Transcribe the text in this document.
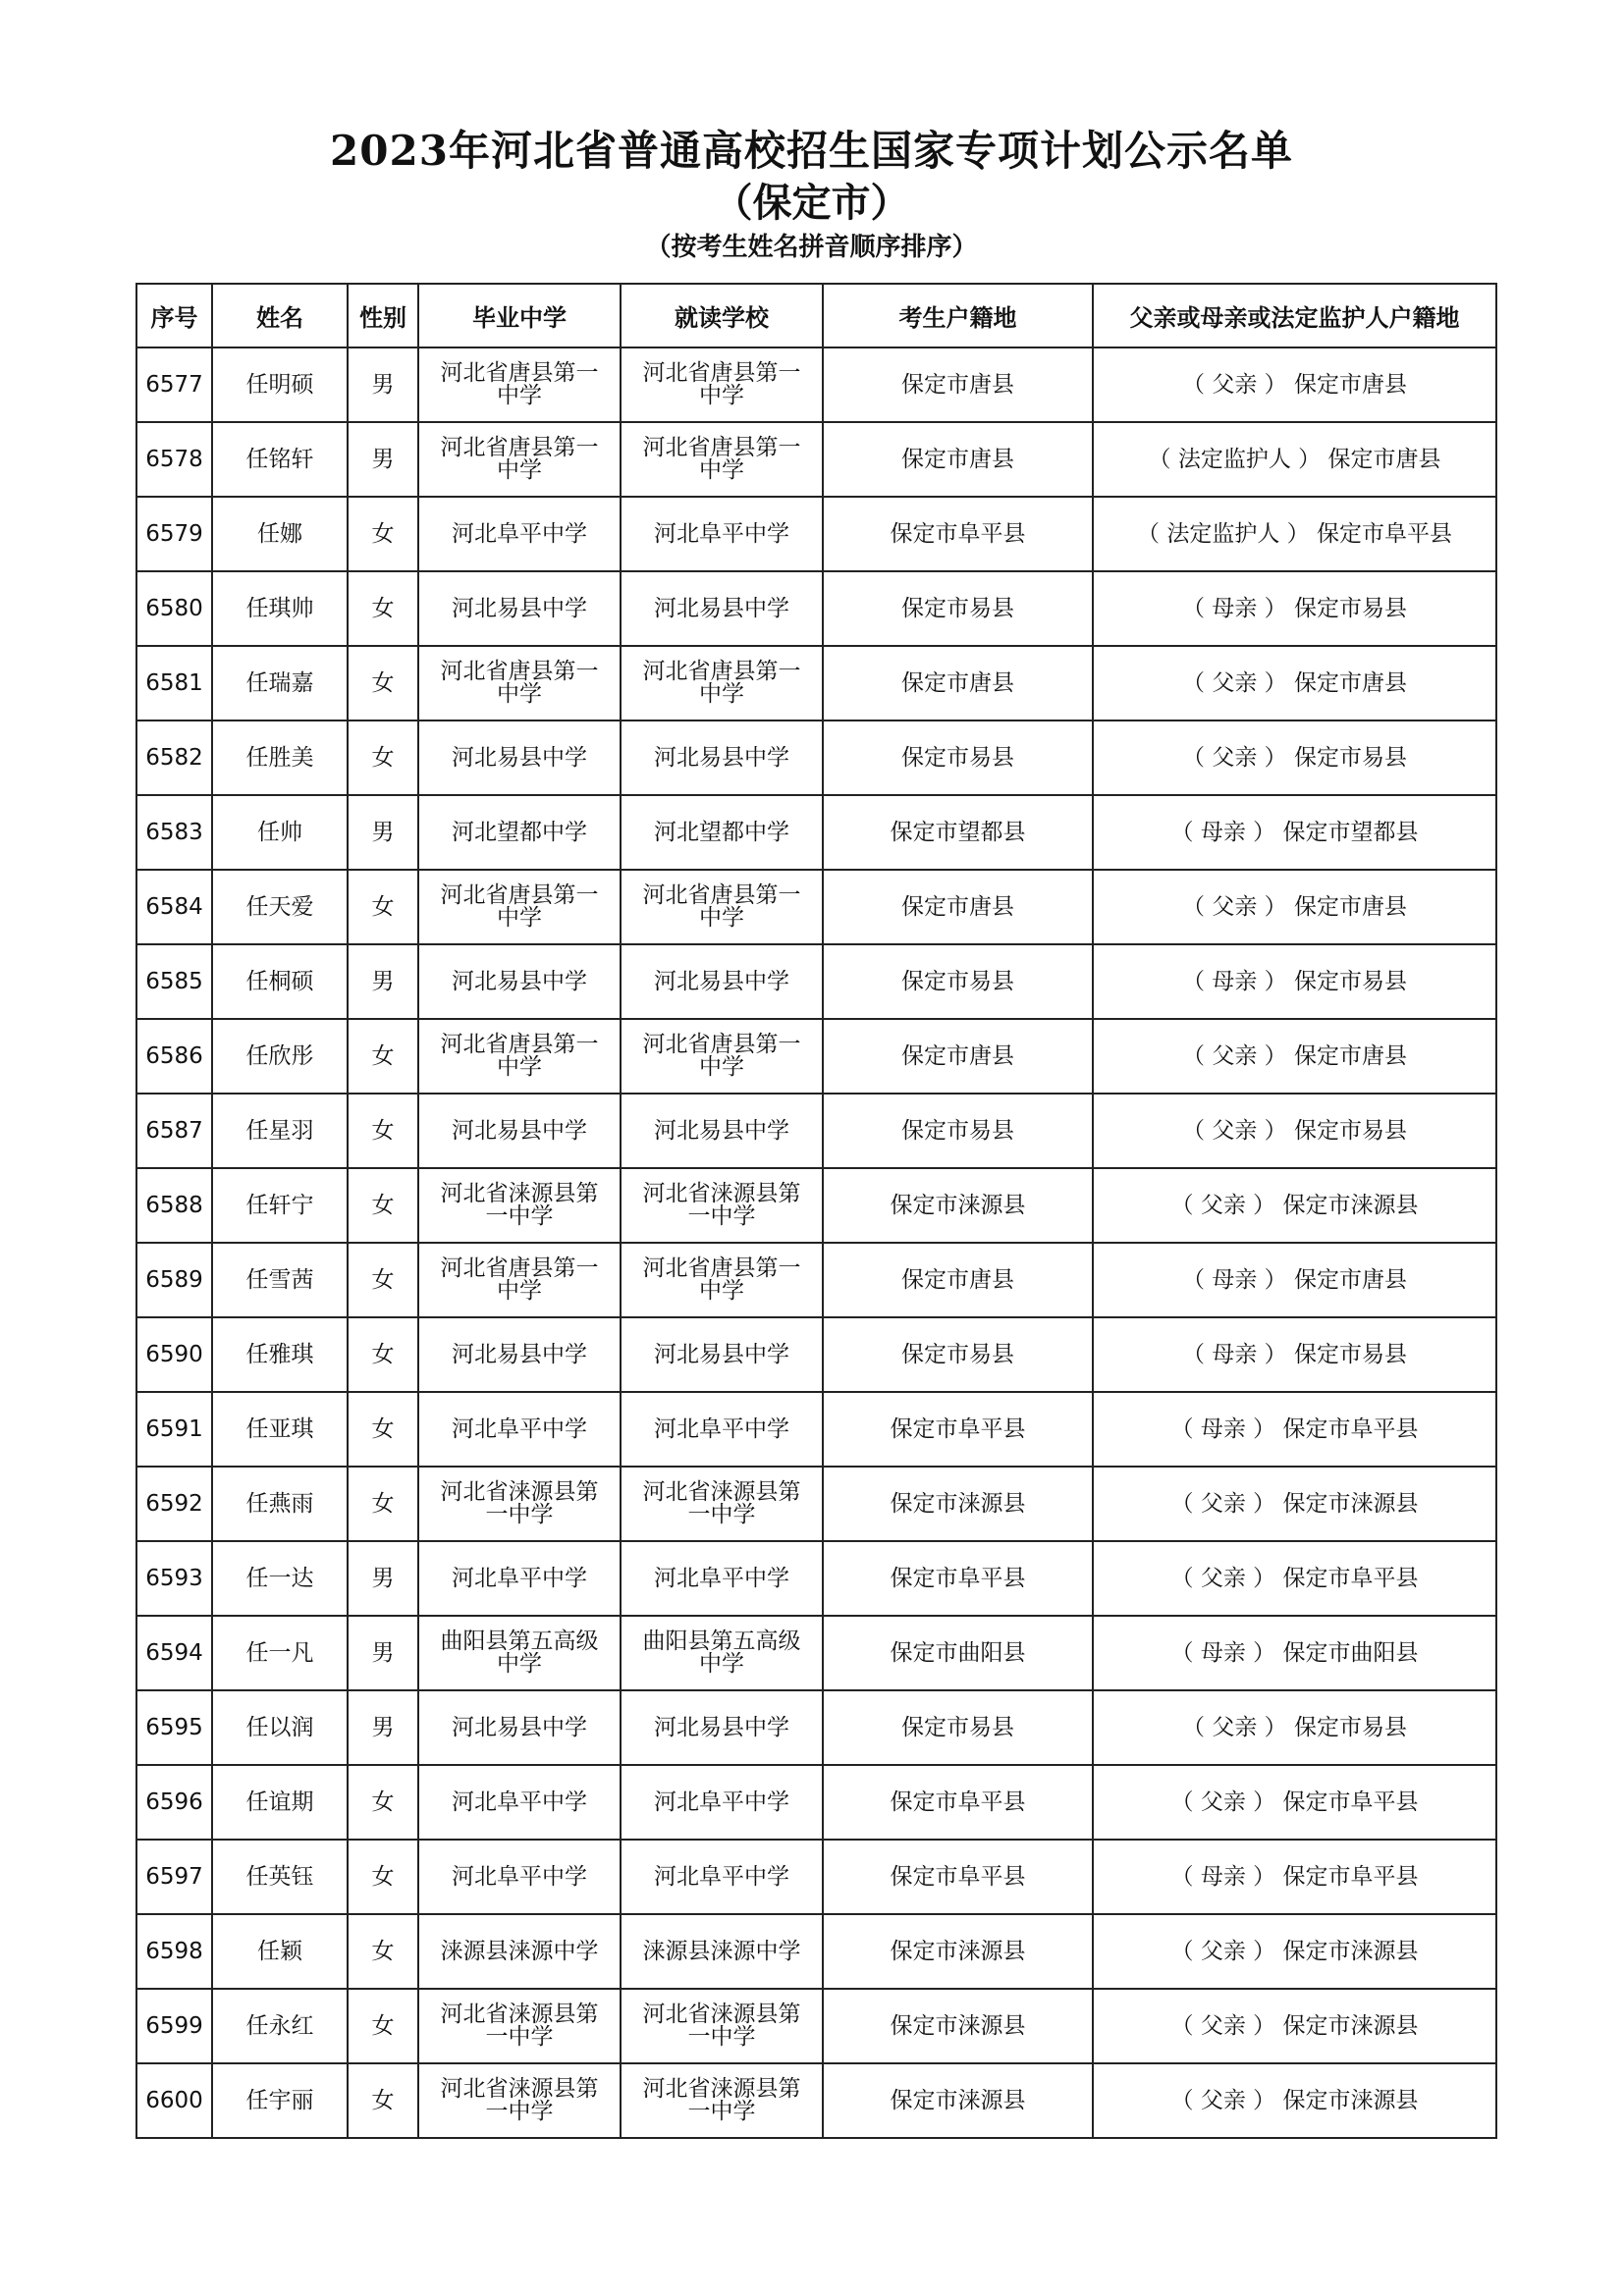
2023年河北省普通高校招生国家专项计划公示名单
（保定市）
（按考生姓名拼音顺序排序）
序号	姓名	性别	毕业中学	就读学校	考生户籍地	父亲或母亲或法定监护人户籍地
6577	任明硕	男	河北省唐县第一中学	河北省唐县第一中学	保定市唐县	（ 父亲 ） 保定市唐县
6578	任铭轩	男	河北省唐县第一中学	河北省唐县第一中学	保定市唐县	（ 法定监护人 ） 保定市唐县
6579	任娜	女	河北阜平中学	河北阜平中学	保定市阜平县	（ 法定监护人 ） 保定市阜平县
6580	任琪帅	女	河北易县中学	河北易县中学	保定市易县	（ 母亲 ） 保定市易县
6581	任瑞嘉	女	河北省唐县第一中学	河北省唐县第一中学	保定市唐县	（ 父亲 ） 保定市唐县
6582	任胜美	女	河北易县中学	河北易县中学	保定市易县	（ 父亲 ） 保定市易县
6583	任帅	男	河北望都中学	河北望都中学	保定市望都县	（ 母亲 ） 保定市望都县
6584	任天爱	女	河北省唐县第一中学	河北省唐县第一中学	保定市唐县	（ 父亲 ） 保定市唐县
6585	任桐硕	男	河北易县中学	河北易县中学	保定市易县	（ 母亲 ） 保定市易县
6586	任欣彤	女	河北省唐县第一中学	河北省唐县第一中学	保定市唐县	（ 父亲 ） 保定市唐县
6587	任星羽	女	河北易县中学	河北易县中学	保定市易县	（ 父亲 ） 保定市易县
6588	任轩宁	女	河北省涞源县第一中学	河北省涞源县第一中学	保定市涞源县	（ 父亲 ） 保定市涞源县
6589	任雪茜	女	河北省唐县第一中学	河北省唐县第一中学	保定市唐县	（ 母亲 ） 保定市唐县
6590	任雅琪	女	河北易县中学	河北易县中学	保定市易县	（ 母亲 ） 保定市易县
6591	任亚琪	女	河北阜平中学	河北阜平中学	保定市阜平县	（ 母亲 ） 保定市阜平县
6592	任燕雨	女	河北省涞源县第一中学	河北省涞源县第一中学	保定市涞源县	（ 父亲 ） 保定市涞源县
6593	任一达	男	河北阜平中学	河北阜平中学	保定市阜平县	（ 父亲 ） 保定市阜平县
6594	任一凡	男	曲阳县第五高级中学	曲阳县第五高级中学	保定市曲阳县	（ 母亲 ） 保定市曲阳县
6595	任以润	男	河北易县中学	河北易县中学	保定市易县	（ 父亲 ） 保定市易县
6596	任谊期	女	河北阜平中学	河北阜平中学	保定市阜平县	（ 父亲 ） 保定市阜平县
6597	任英钰	女	河北阜平中学	河北阜平中学	保定市阜平县	（ 母亲 ） 保定市阜平县
6598	任颖	女	涞源县涞源中学	涞源县涞源中学	保定市涞源县	（ 父亲 ） 保定市涞源县
6599	任永红	女	河北省涞源县第一中学	河北省涞源县第一中学	保定市涞源县	（ 父亲 ） 保定市涞源县
6600	任宇丽	女	河北省涞源县第一中学	河北省涞源县第一中学	保定市涞源县	（ 父亲 ） 保定市涞源县
